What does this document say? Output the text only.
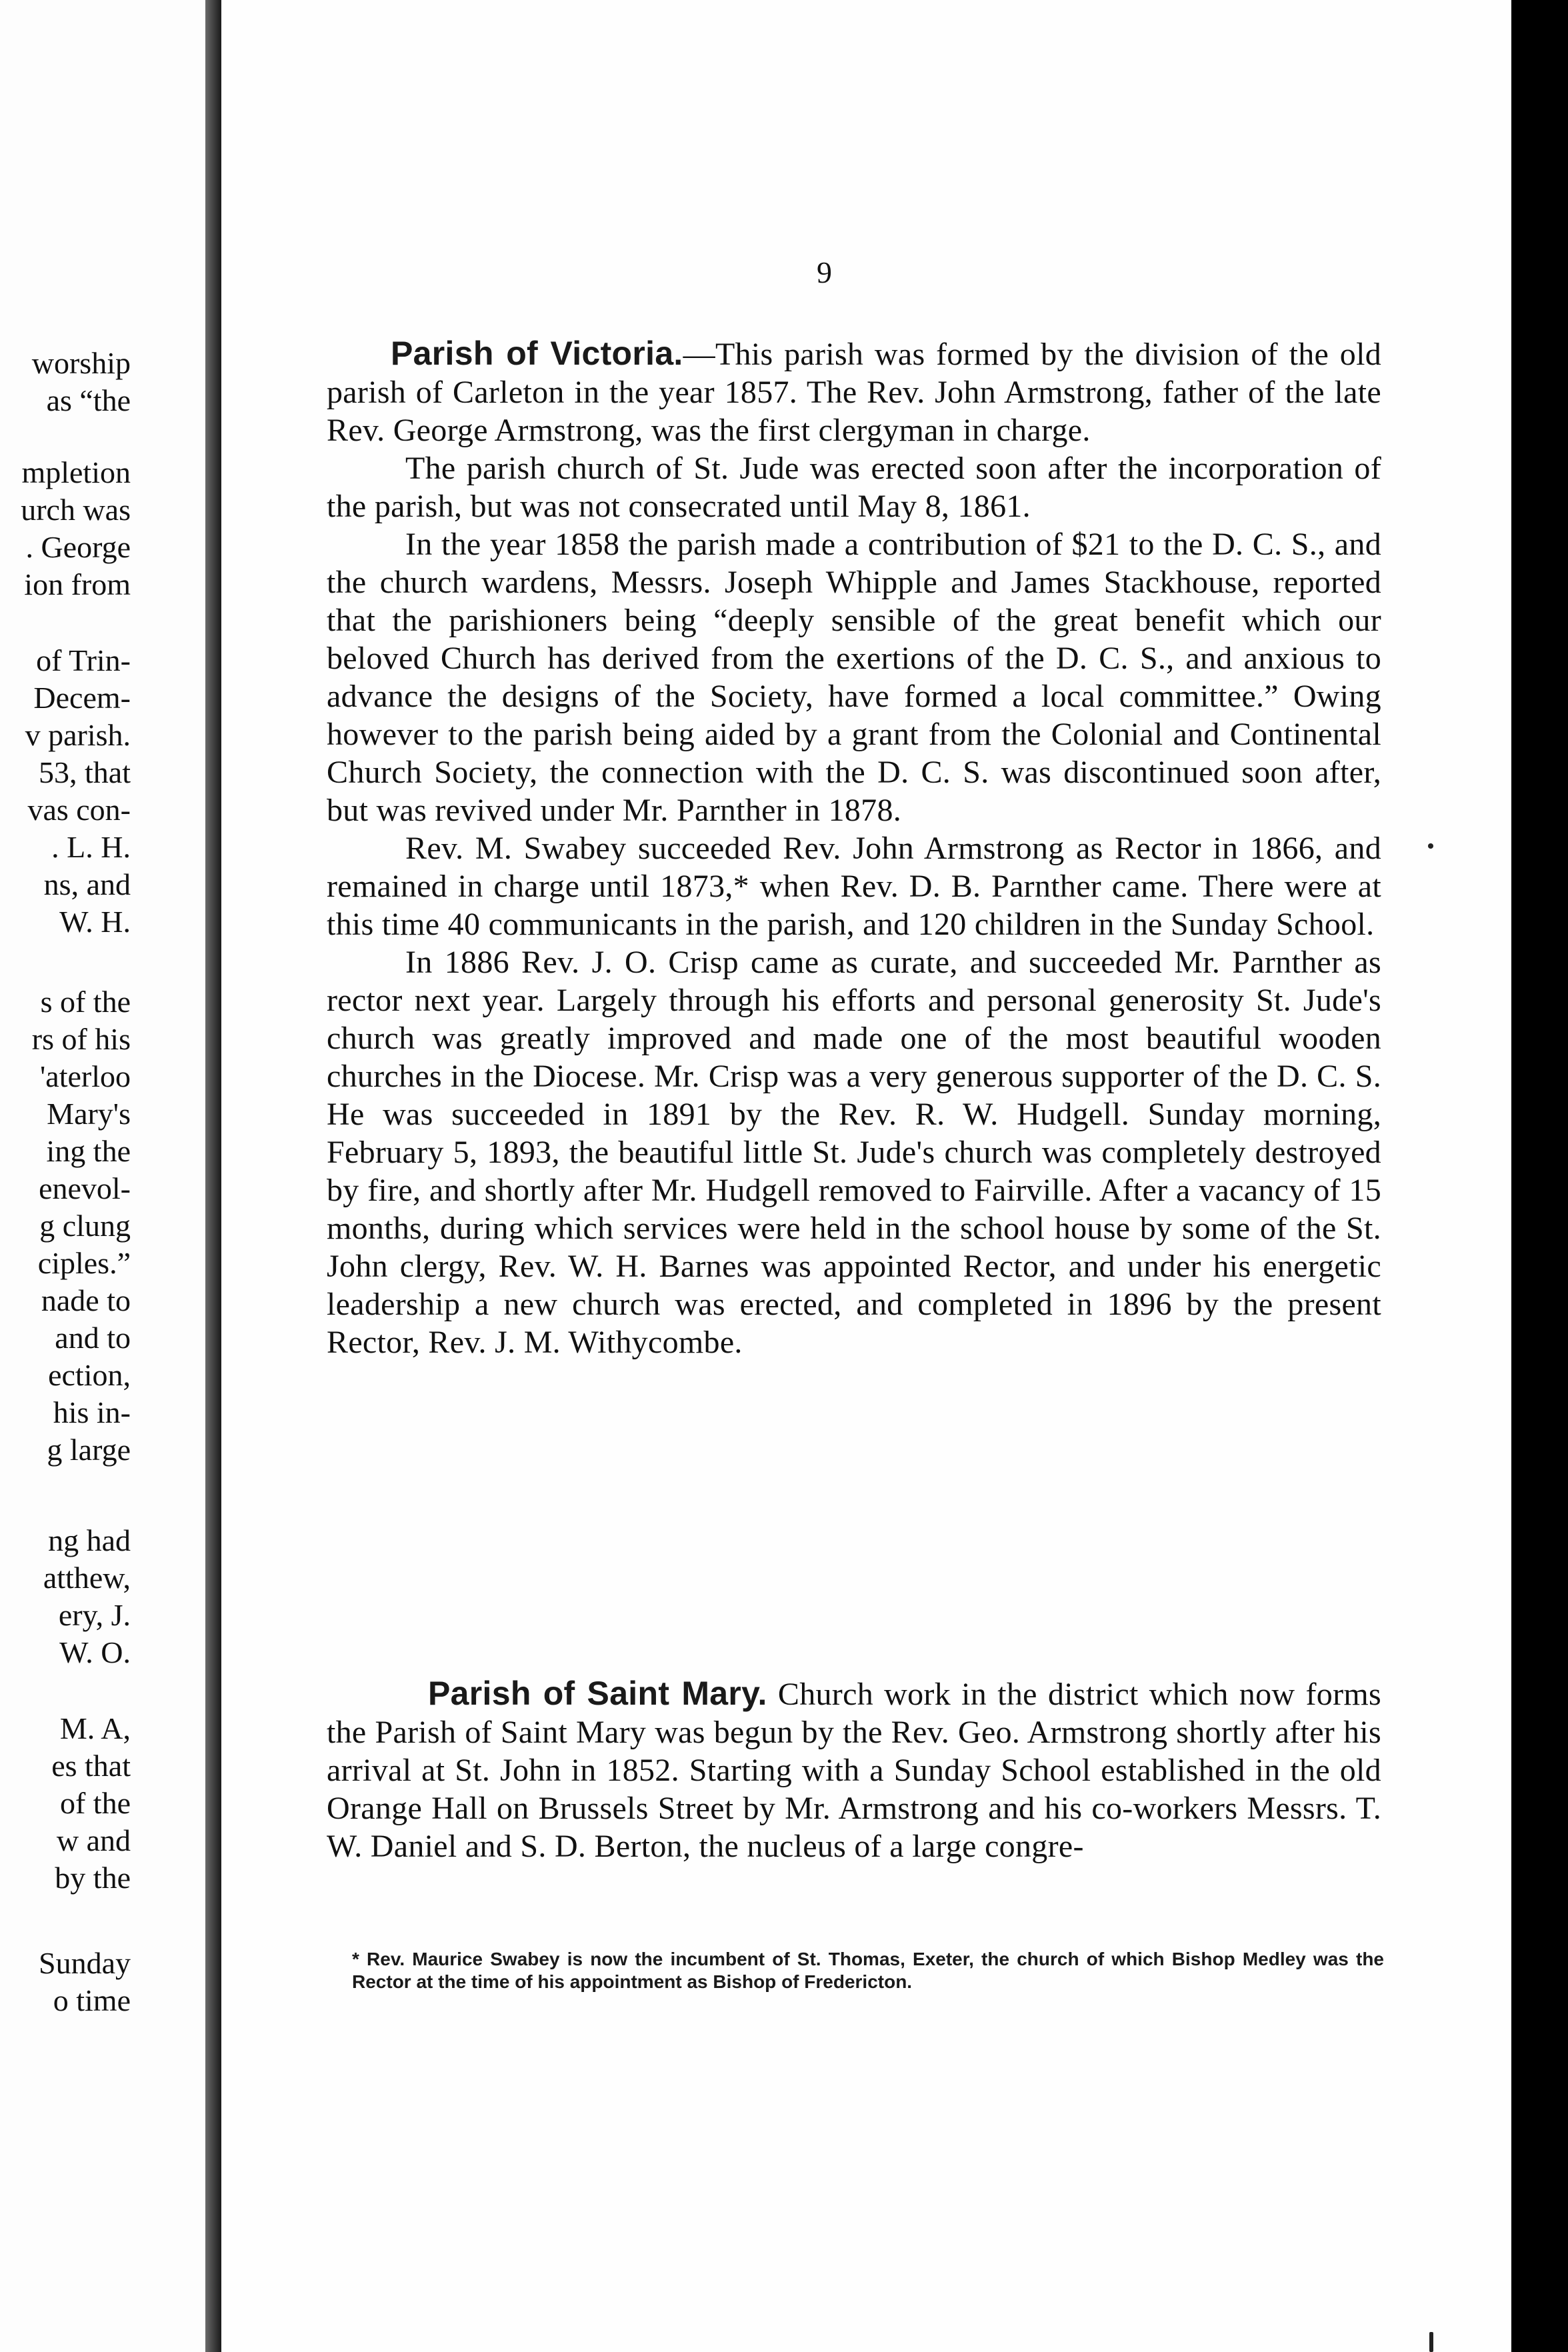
worship
as “the
mpletion
urch was
. George
ion from
of Trin-
Decem-
v parish.
53, that
vas con-
. L. H.
ns, and
W. H.
s of the
rs of his
'aterloo
Mary's
ing the
enevol-
g clung
ciples.”
nade to
and to
ection,
his in-
g large
ng had
atthew,
ery, J.
W. O.
M. A,
es that
of the
w and
by the
Sunday
o time
9

Parish of Victoria.—This parish was formed by the division of the old parish of Carleton in the year 1857. The Rev. John Armstrong, father of the late Rev. George Armstrong, was the first clergyman in charge.

The parish church of St. Jude was erected soon after the incorporation of the parish, but was not consecrated until May 8, 1861.

In the year 1858 the parish made a contribution of $21 to the D. C. S., and the church wardens, Messrs. Joseph Whipple and James Stackhouse, reported that the parishioners being “deeply sensible of the great benefit which our beloved Church has derived from the exertions of the D. C. S., and anxious to advance the designs of the Society, have formed a local committee.” Owing however to the parish being aided by a grant from the Colonial and Continental Church Society, the connection with the D. C. S. was discontinued soon after, but was revived under Mr. Parnther in 1878.

Rev. M. Swabey succeeded Rev. John Armstrong as Rector in 1866, and remained in charge until 1873,* when Rev. D. B. Parnther came. There were at this time 40 communicants in the parish, and 120 children in the Sunday School.

In 1886 Rev. J. O. Crisp came as curate, and succeeded Mr. Parnther as rector next year. Largely through his efforts and personal generosity St. Jude's church was greatly improved and made one of the most beautiful wooden churches in the Diocese. Mr. Crisp was a very generous supporter of the D. C. S. He was succeeded in 1891 by the Rev. R. W. Hudgell. Sunday morning, February 5, 1893, the beautiful little St. Jude's church was completely destroyed by fire, and shortly after Mr. Hudgell removed to Fairville. After a vacancy of 15 months, during which services were held in the school house by some of the St. John clergy, Rev. W. H. Barnes was appointed Rector, and under his energetic leadership a new church was erected, and completed in 1896 by the present Rector, Rev. J. M. Withycombe.

Parish of Saint Mary. Church work in the district which now forms the Parish of Saint Mary was begun by the Rev. Geo. Armstrong shortly after his arrival at St. John in 1852. Starting with a Sunday School established in the old Orange Hall on Brussels Street by Mr. Armstrong and his co-workers Messrs. T. W. Daniel and S. D. Berton, the nucleus of a large congre-

* Rev. Maurice Swabey is now the incumbent of St. Thomas, Exeter, the church of which Bishop Medley was the Rector at the time of his appointment as Bishop of Fredericton.
